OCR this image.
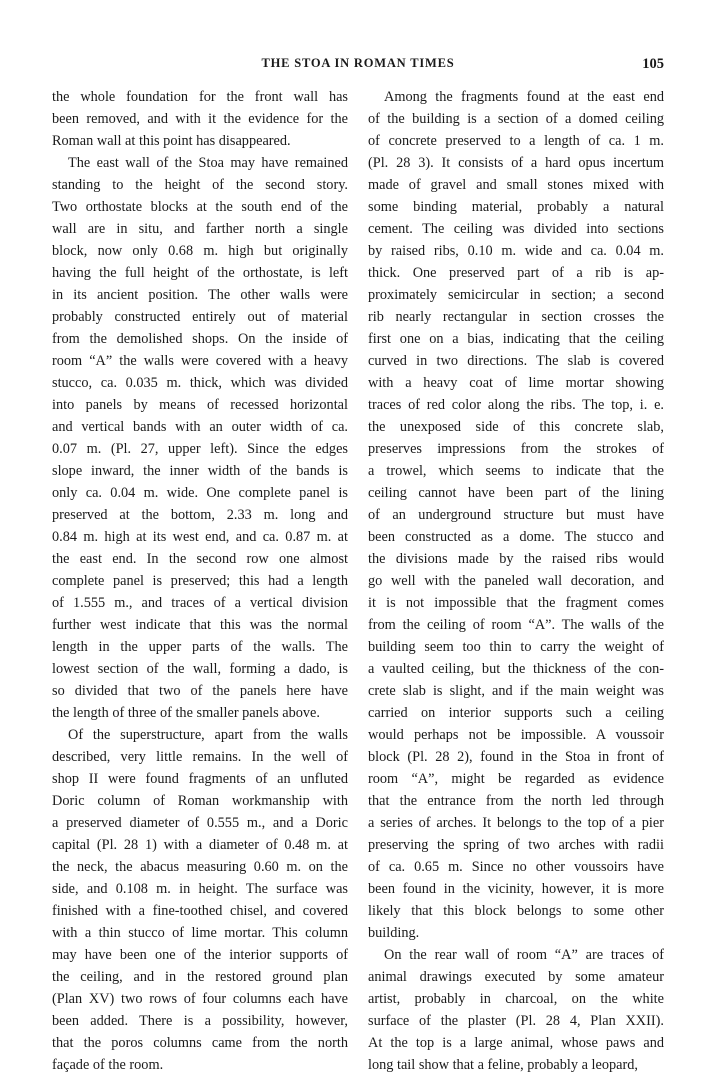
THE STOA IN ROMAN TIMES	105

the whole foundation for the front wall has
been removed, and with it the evidence for the
Roman wall at this point has disappeared.

The east wall of the Stoa may have remained
standing to the height of the second story.
Two orthostate blocks at the south end of the
wall are in situ, and farther north a single
block, now only 0.68 m. high but originally
having the full height of the orthostate, is left
in its ancient position. The other walls were
probably constructed entirely out of material
from the demolished shops. On the inside of
room “A” the walls were covered with a heavy
stucco, ca. 0.035 m. thick, which was divided
into panels by means of recessed horizontal
and vertical bands with an outer width of ca.
0.07 m. (Pl. 27, upper left). Since the edges
slope inward, the inner width of the bands is
only ca. 0.04 m. wide. One complete panel is
preserved at the bottom, 2.33 m. long and
0.84 m. high at its west end, and ca. 0.87 m. at
the east end. In the second row one almost
complete panel is preserved; this had a length
of 1.555 m., and traces of a vertical division
further west indicate that this was the normal
length in the upper parts of the walls. The
lowest section of the wall, forming a dado, is
so divided that two of the panels here have
the length of three of the smaller panels above.

Of the superstructure, apart from the walls
described, very little remains. In the well of
shop II were found fragments of an unfluted
Doric column of Roman workmanship with
a preserved diameter of 0.555 m., and a Doric
capital (Pl. 28 1) with a diameter of 0.48 m. at
the neck, the abacus measuring 0.60 m. on the
side, and 0.108 m. in height. The surface was
finished with a fine-toothed chisel, and covered
with a thin stucco of lime mortar. This column
may have been one of the interior supports of
the ceiling, and in the restored ground plan
(Plan XV) two rows of four columns each have
been added. There is a possibility, however,
that the poros columns came from the north
façade of the room.

Among the fragments found at the east end
of the building is a section of a domed ceiling
of concrete preserved to a length of ca. 1 m.
(Pl. 28 3). It consists of a hard opus incertum
made of gravel and small stones mixed with
some binding material, probably a natural
cement. The ceiling was divided into sections
by raised ribs, 0.10 m. wide and ca. 0.04 m.
thick. One preserved part of a rib is ap-
proximately semicircular in section; a second
rib nearly rectangular in section crosses the
first one on a bias, indicating that the ceiling
curved in two directions. The slab is covered
with a heavy coat of lime mortar showing
traces of red color along the ribs. The top, i. e.
the unexposed side of this concrete slab,
preserves impressions from the strokes of
a trowel, which seems to indicate that the
ceiling cannot have been part of the lining
of an underground structure but must have
been constructed as a dome. The stucco and
the divisions made by the raised ribs would
go well with the paneled wall decoration, and
it is not impossible that the fragment comes
from the ceiling of room “A”. The walls of the
building seem too thin to carry the weight of
a vaulted ceiling, but the thickness of the con-
crete slab is slight, and if the main weight was
carried on interior supports such a ceiling
would perhaps not be impossible. A voussoir
block (Pl. 28 2), found in the Stoa in front of
room “A”, might be regarded as evidence
that the entrance from the north led through
a series of arches. It belongs to the top of a pier
preserving the spring of two arches with radii
of ca. 0.65 m. Since no other voussoirs have
been found in the vicinity, however, it is more
likely that this block belongs to some other
building.

On the rear wall of room “A” are traces of
animal drawings executed by some amateur
artist, probably in charcoal, on the white
surface of the plaster (Pl. 28 4, Plan XXII).
At the top is a large animal, whose paws and
long tail show that a feline, probably a leopard,
